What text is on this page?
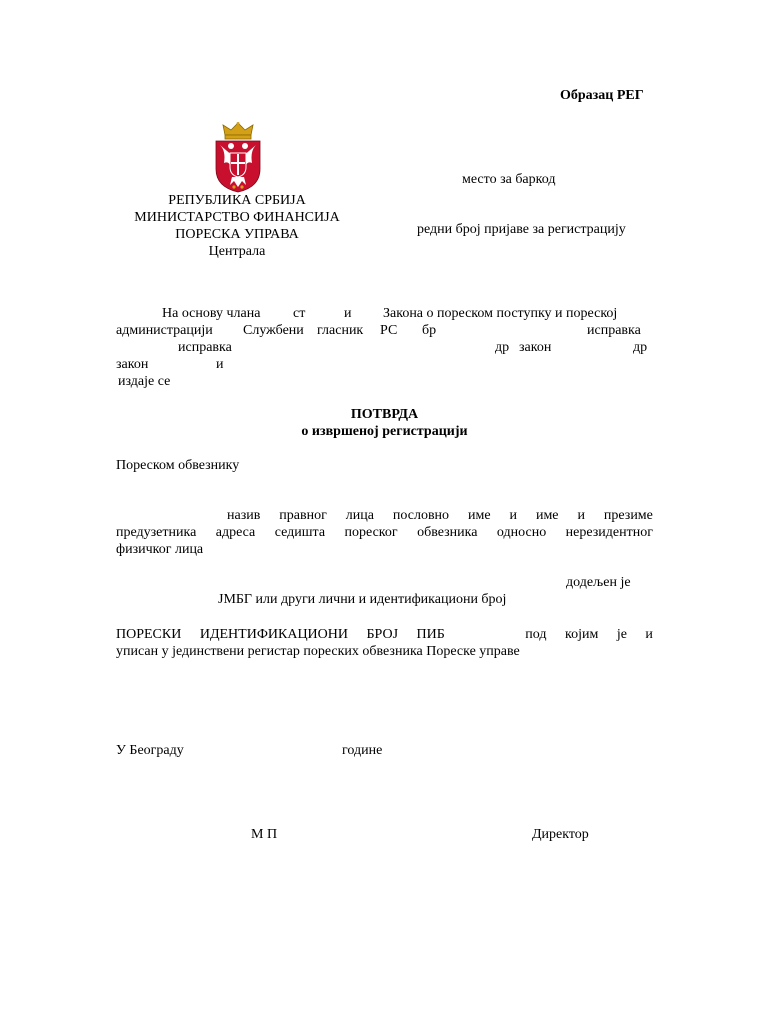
Образац РЕГ
РЕПУБЛИКА СРБИЈА
МИНИСТАРСТВО ФИНАНСИЈА
ПОРЕСКА УПРАВА
Централа
место за баркод
редни број пријаве за регистрацију
На основу члана ст	и Закона о пореском поступку и пореској
администрацији Службени гласник РС бр	исправка
исправка	др закон	др
закон	и
издаје се
ПОТВРДА
о извршеној регистрацији
Пореском обвезнику
назив правног лица пословно име и име и презиме
предузетника адреса седишта пореског обвезника односно нерезидентног
физичког лица
додељен је
ЈМБГ или други лични и идентификациони број
ПОРЕСКИ ИДЕНТИФИКАЦИОНИ БРОЈ ПИБ	под којим је и
уписан у јединствени регистар пореских обвезника Пореске управе
У Београду	године
М П	Директор
